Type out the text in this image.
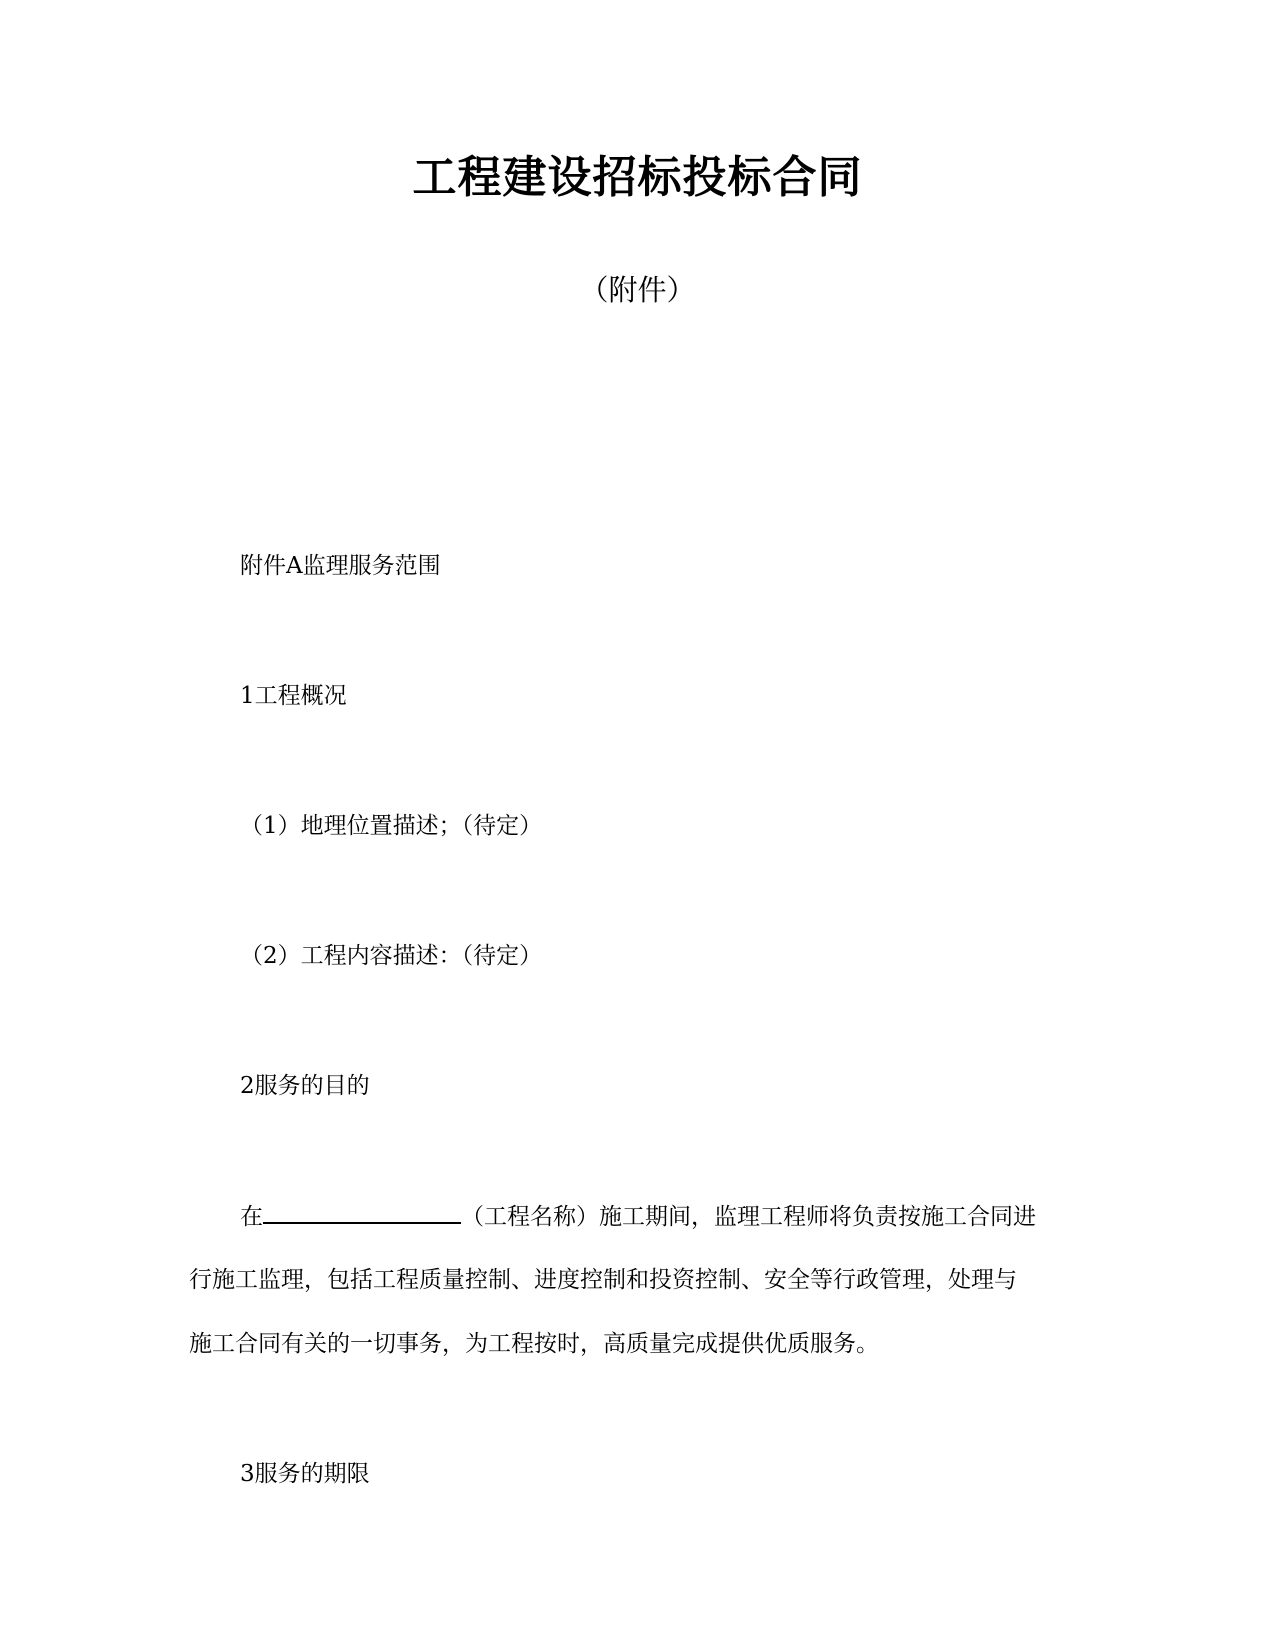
工程建设招标投标合同
（附件）
附件A监理服务范围
1工程概况
（1）地理位置描述；（待定）
（2）工程内容描述：（待定）
2服务的目的
在	（工程名称）施工期间，监理工程师将负责按施工合同进
行施工监理，包括工程质量控制、进度控制和投资控制、安全等行政管理，处理与
施工合同有关的一切事务，为工程按时，高质量完成提供优质服务。
3服务的期限
